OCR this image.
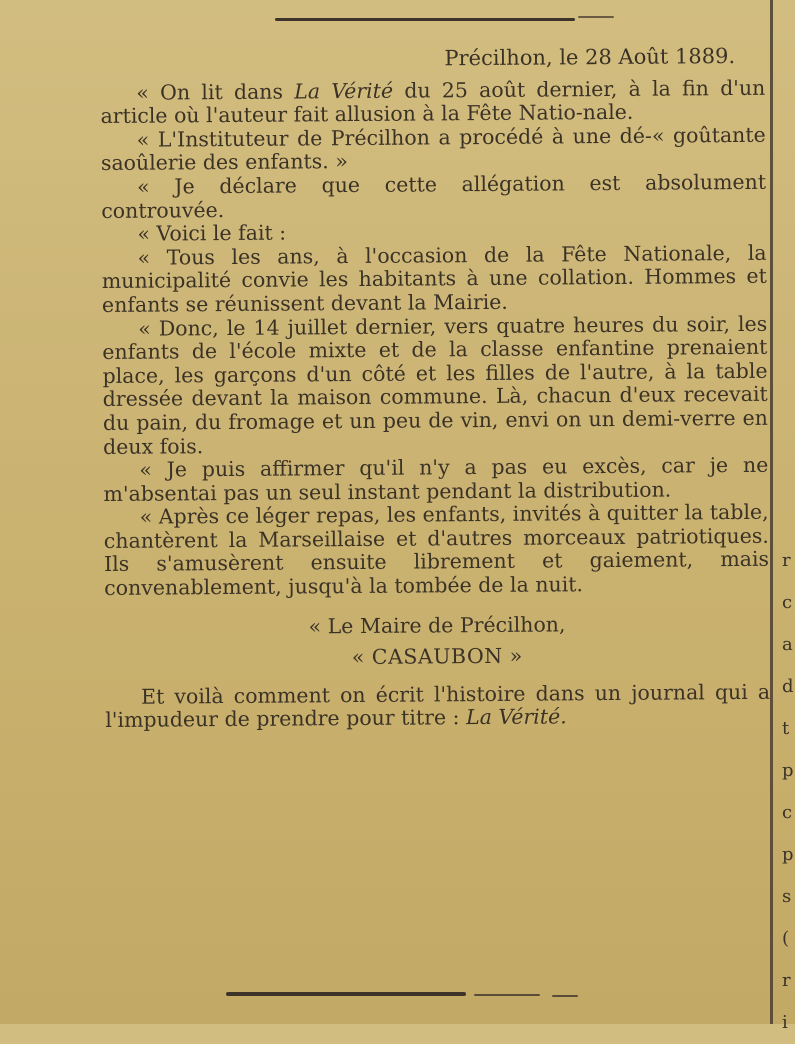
Précilhon, le 28 Août 1889.

« On lit dans La Vérité du 25 août dernier, à la fin d'un article où l'auteur fait allusion à la Fête Natio-nale.

« L'Instituteur de Précilhon a procédé à une dé-« goûtante saoûlerie des enfants. »

« Je déclare que cette allégation est absolument controuvée.

« Voici le fait :

« Tous les ans, à l'occasion de la Fête Nationale, la municipalité convie les habitants à une collation. Hommes et enfants se réunissent devant la Mairie.

« Donc, le 14 juillet dernier, vers quatre heures du soir, les enfants de l'école mixte et de la classe enfantine prenaient place, les garçons d'un côté et les filles de l'autre, à la table dressée devant la maison commune. Là, chacun d'eux recevait du pain, du fromage et un peu de vin, envi on un demi-verre en deux fois.

« Je puis affirmer qu'il n'y a pas eu excès, car je ne m'absentai pas un seul instant pendant la distribution.

« Après ce léger repas, les enfants, invités à quitter la table, chantèrent la Marseillaise et d'autres morceaux patriotiques. Ils s'amusèrent ensuite librement et gaiement, mais convenablement, jusqu'à la tombée de la nuit.

« Le Maire de Précilhon,
« CASAUBON »

Et voilà comment on écrit l'histoire dans un journal qui a l'impudeur de prendre pour titre : La Vérité.

r
c
a
d
t
p
c
p
s
(
r
i
